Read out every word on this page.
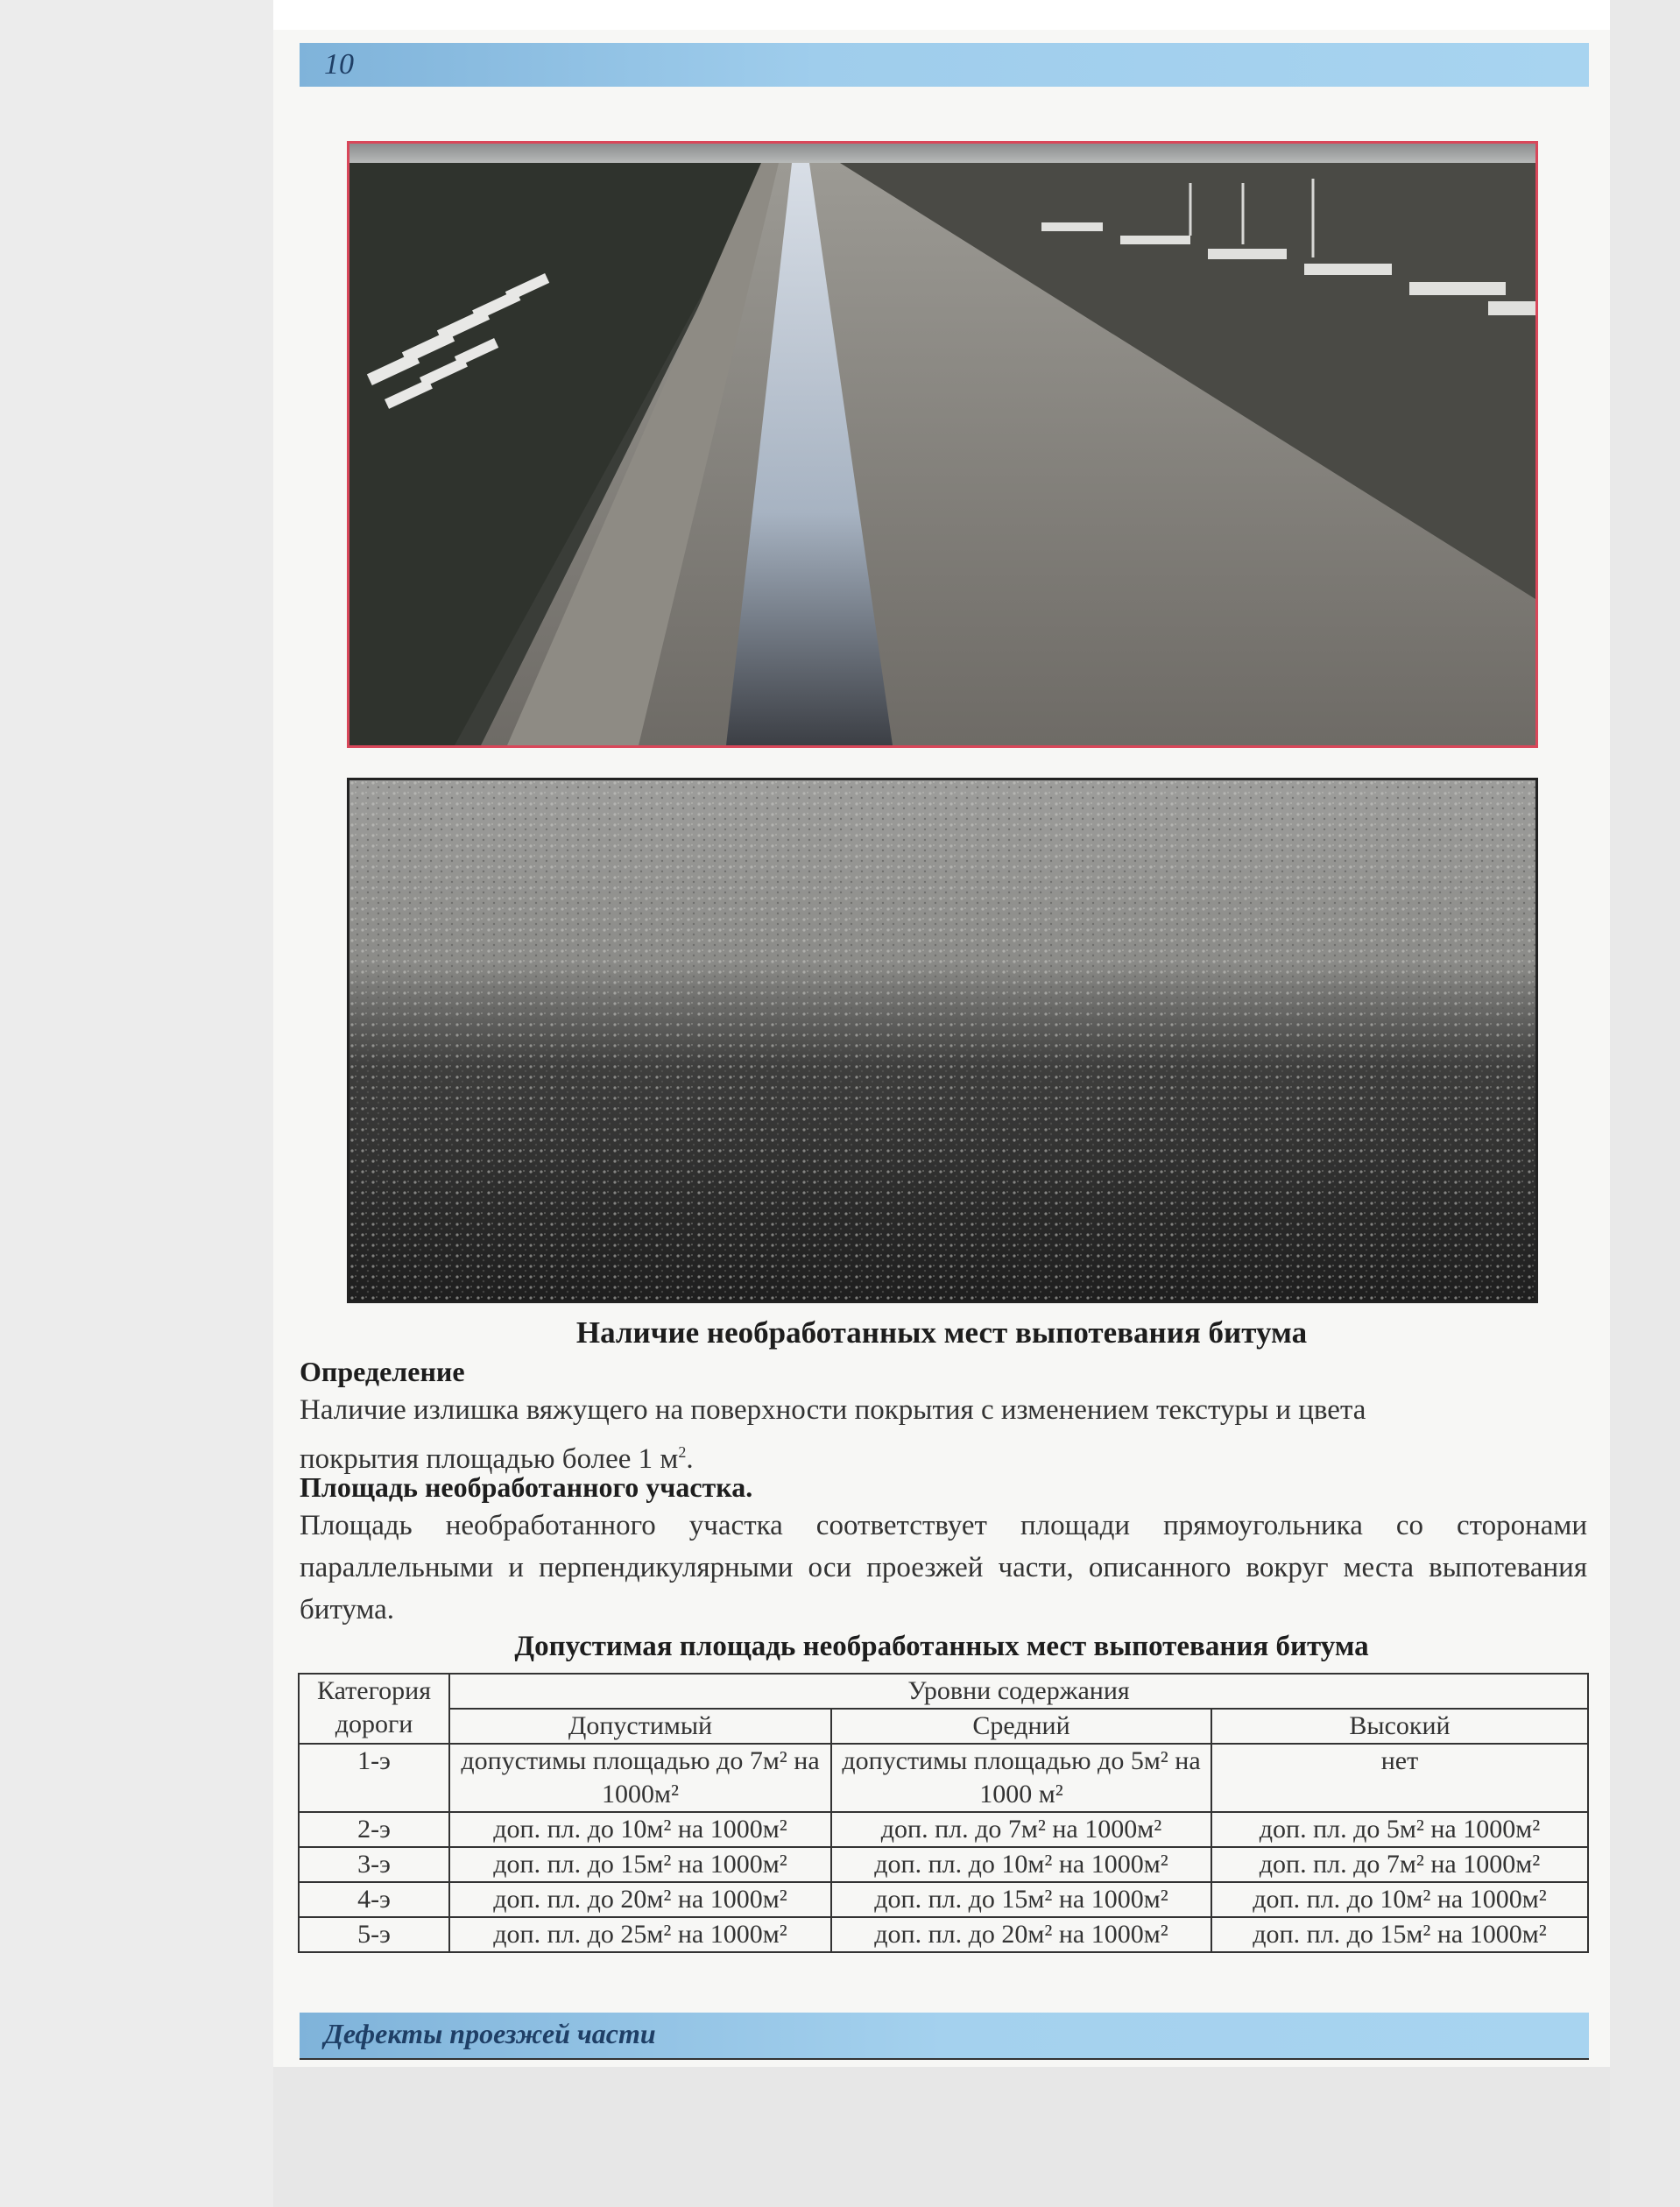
10
Наличие необработанных мест выпотевания битума
Определение
Наличие излишка вяжущего на поверхности покрытия с изменением текстуры и цвета
покрытия площадью более 1 $м^2$.
Площадь необработанного участка.
Площадь необработанного участка соответствует площади прямоугольника со сторонами параллельными и перпендикулярными оси проезжей части, описанного вокруг места выпотевания битума.
Допустимая площадь необработанных мест выпотевания битума
Категория
дороги	Уровни содержания		
	Допустимый	Средний	Высокий
1-э	допустимы площадью до 7м² на 1000м²	допустимы площадью до 5м² на 1000 м²	нет
2-э	доп. пл. до 10м² на 1000м²	доп. пл. до 7м² на 1000м²	доп. пл. до 5м² на 1000м²
3-э	доп. пл. до 15м² на 1000м²	доп. пл. до 10м² на 1000м²	доп. пл. до 7м² на 1000м²
4-э	доп. пл. до 20м² на 1000м²	доп. пл. до 15м² на 1000м²	доп. пл. до 10м² на 1000м²
5-э	доп. пл. до 25м² на 1000м²	доп. пл. до 20м² на 1000м²	доп. пл. до 15м² на 1000м²
Дефекты проезжей части
